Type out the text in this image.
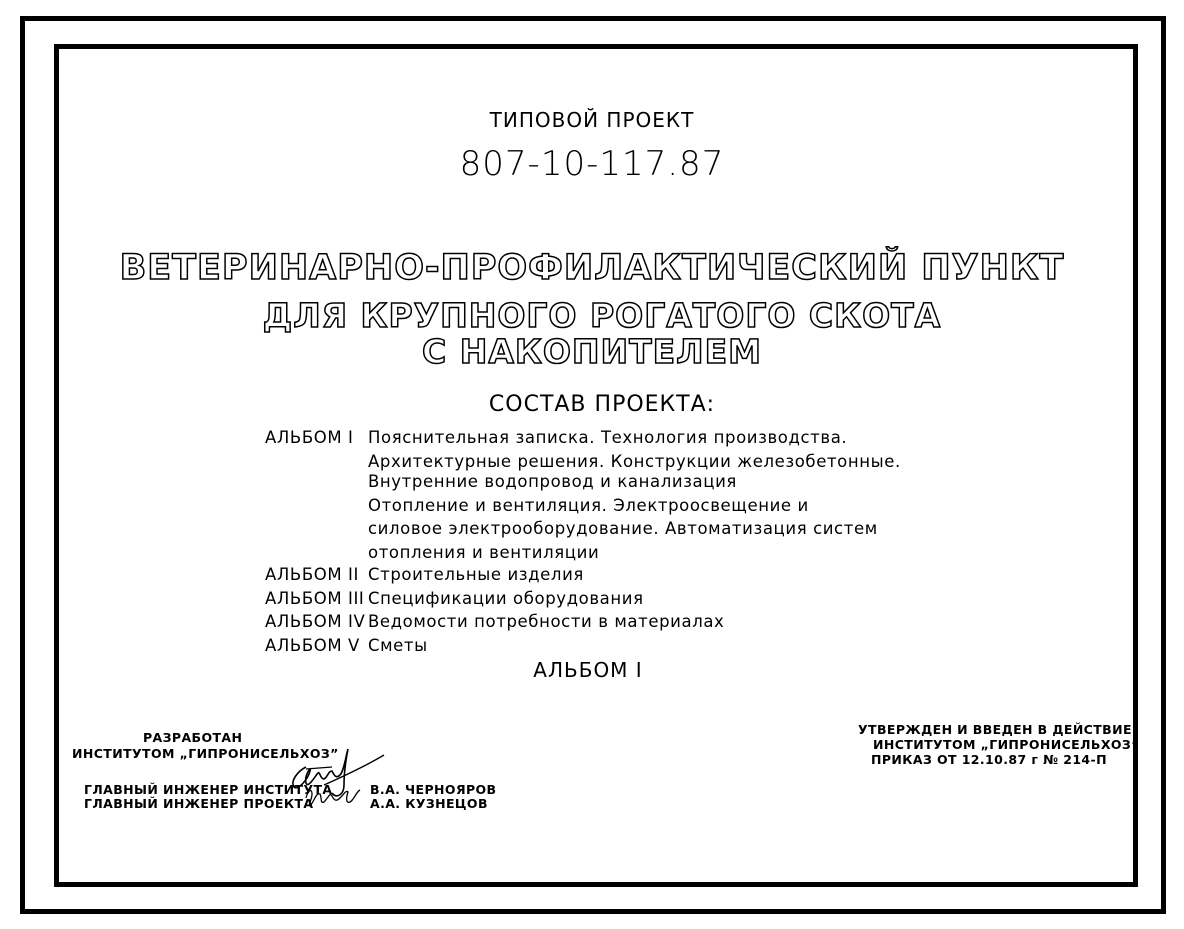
ТИПОВОЙ ПРОЕКТ
807-10-117.87
ВЕТЕРИНАРНО-ПРОФИЛАКТИЧЕСКИЙ ПУНКТ
ДЛЯ КРУПНОГО РОГАТОГО СКОТА
С НАКОПИТЕЛЕМ
СОСТАВ ПРОЕКТА:
АЛЬБОМ I Пояснительная записка. Технология производства.
Архитектурные решения. Конструкции железобетонные.
Внутренние водопровод и канализация
Отопление и вентиляция. Электроосвещение и
силовое электрооборудование. Автоматизация систем
отопления и вентиляции
АЛЬБОМ II Строительные изделия
АЛЬБОМ III Спецификации оборудования
АЛЬБОМ IV Ведомости потребности в материалах
АЛЬБОМ V Сметы
АЛЬБОМ I
РАЗРАБОТАН
ИНСТИТУТОМ „ГИПРОНИСЕЛЬХОЗ”
ГЛАВНЫЙ ИНЖЕНЕР ИНСТИТУТА
ГЛАВНЫЙ ИНЖЕНЕР ПРОЕКТА
В.А. ЧЕРНОЯРОВ
А.А. КУЗНЕЦОВ
УТВЕРЖДЕН И ВВЕДЕН В ДЕЙСТВИЕ
ИНСТИТУТОМ „ГИПРОНИСЕЛЬХОЗ”
ПРИКАЗ ОТ 12.10.87 г № 214-П
